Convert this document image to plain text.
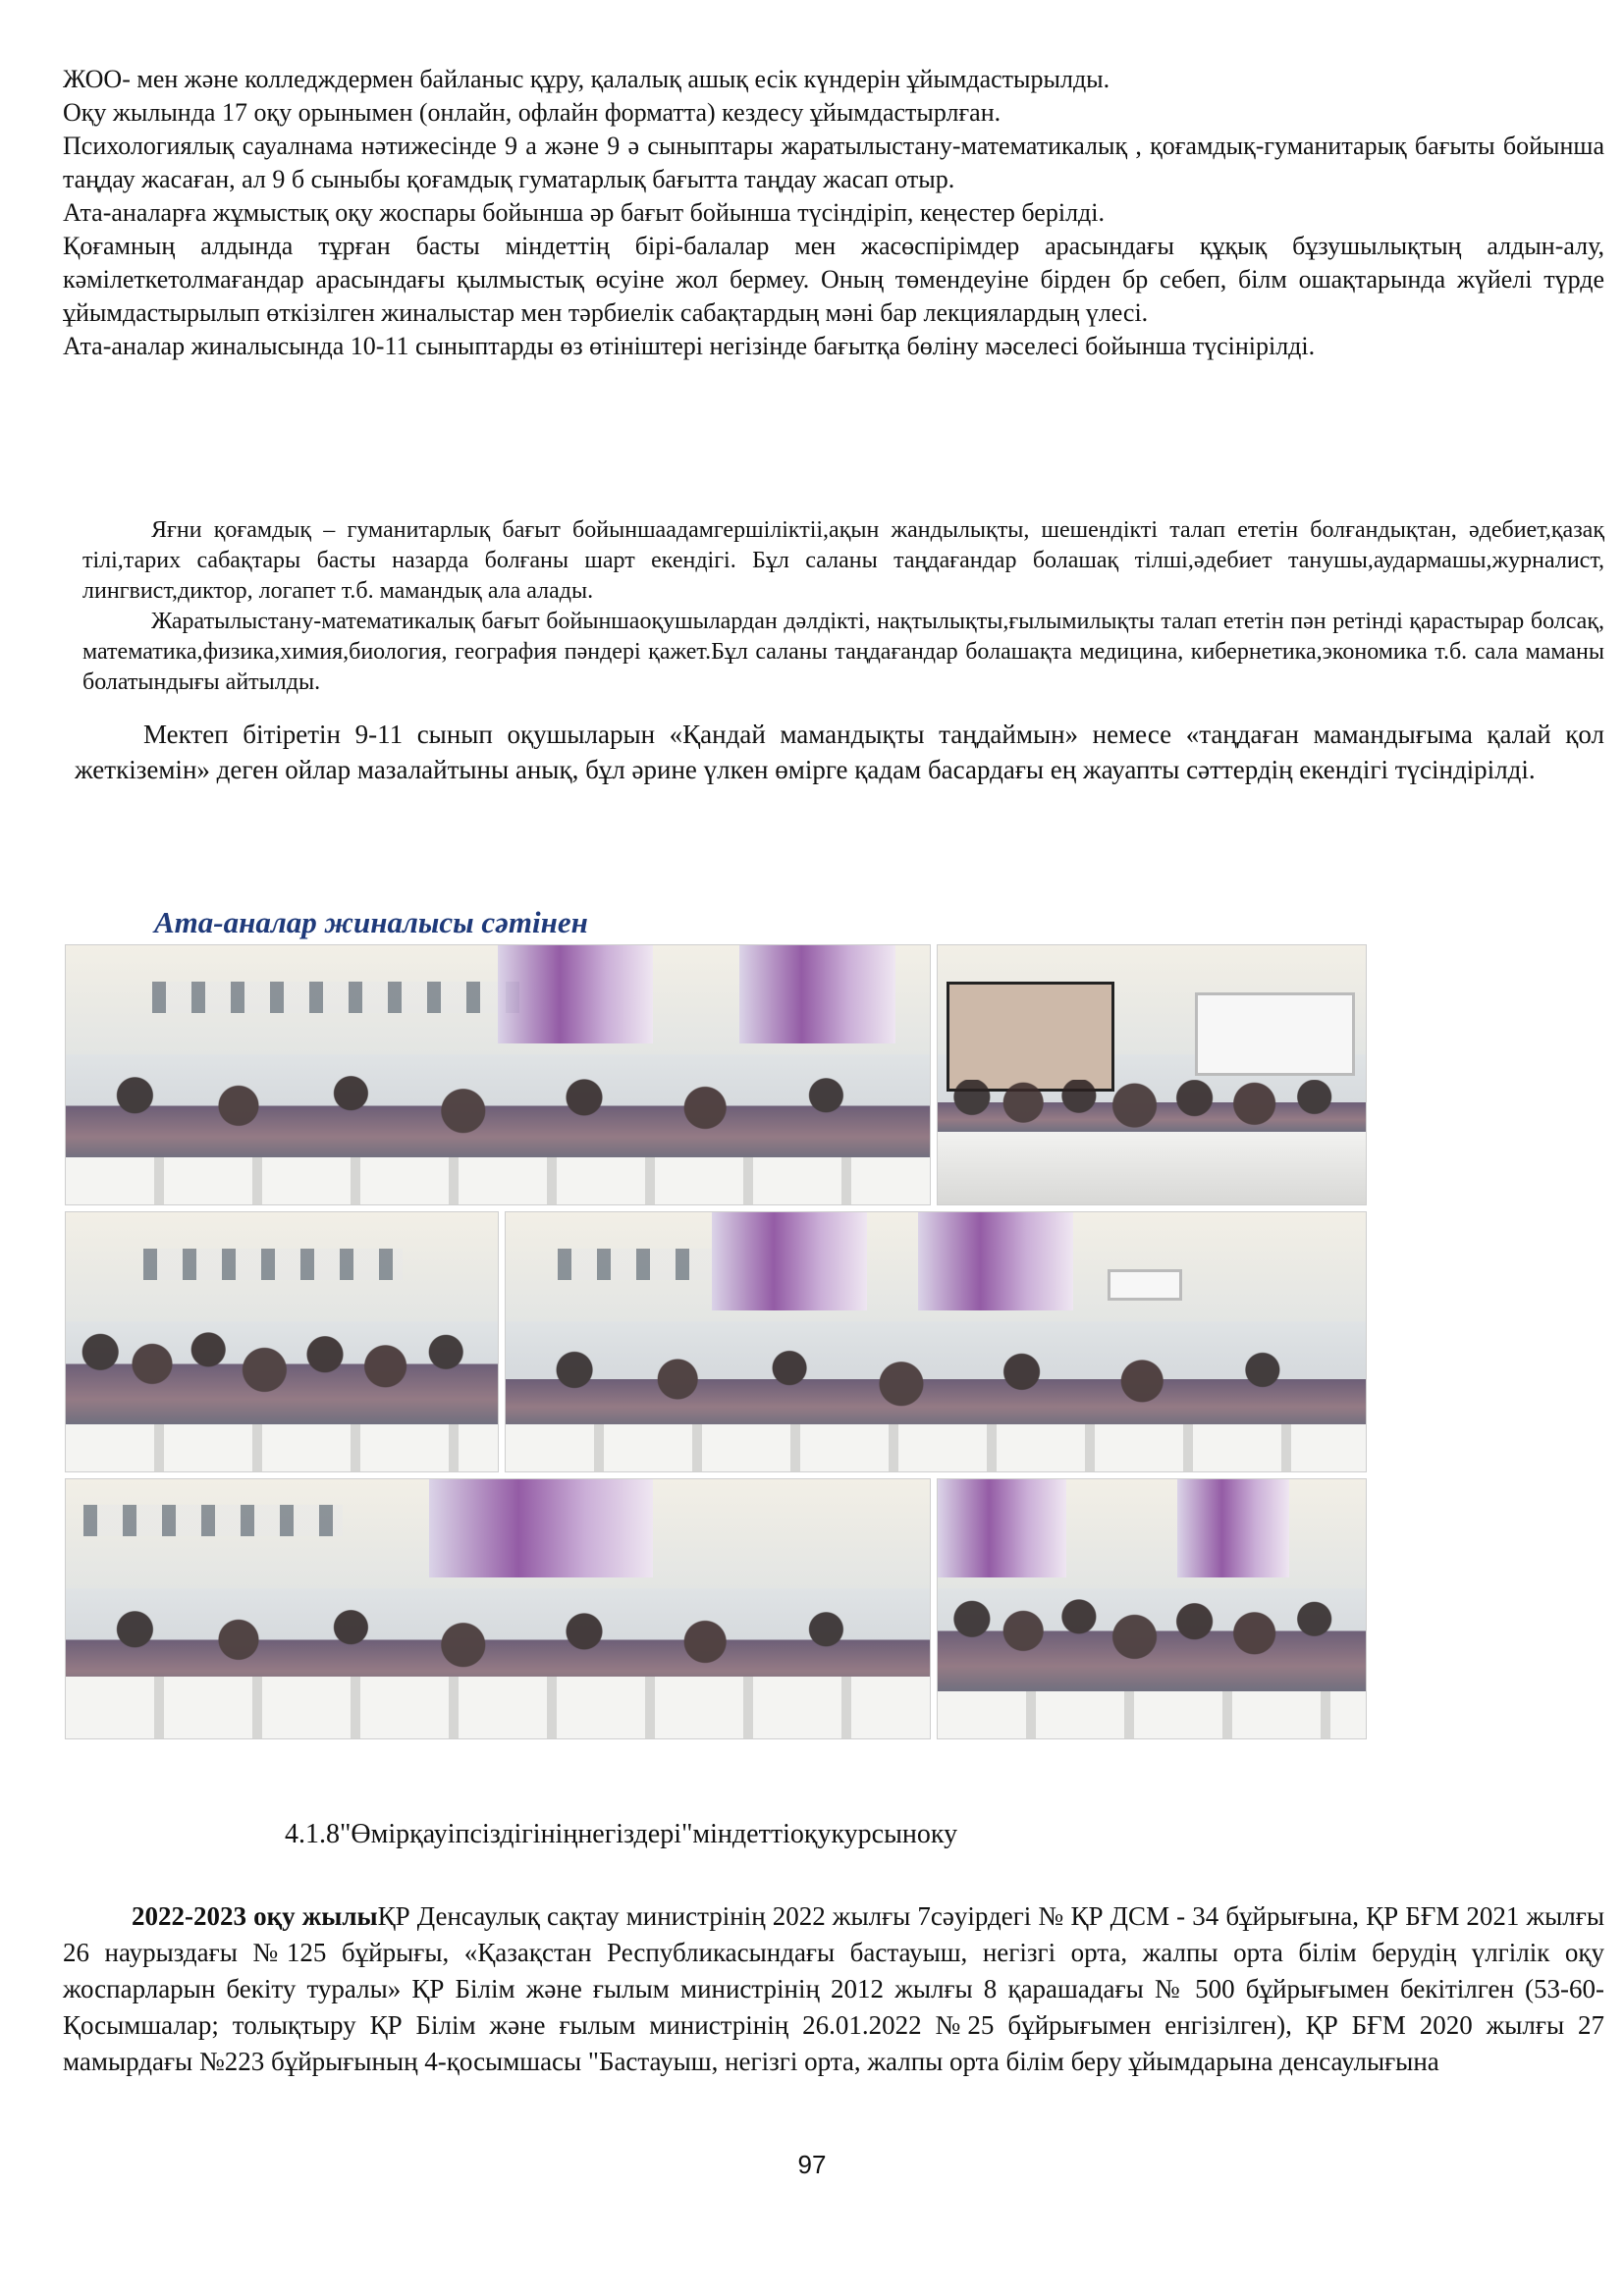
ЖОО- мен және колледждермен байланыс құру, қалалық ашық есік күндерін ұйымдастырылды.

Оқу жылында 17 оқу орынымен (онлайн, офлайн форматта) кездесу ұйымдастырлған.

Психологиялық сауалнама нәтижесінде 9 а және 9 ә сыныптары жаратылыстану-математикалық , қоғамдық-гуманитарық бағыты бойынша таңдау жасаған, ал 9 б сыныбы қоғамдық гуматарлық бағытта таңдау жасап отыр.

Ата-аналарға жұмыстық оқу жоспары бойынша әр бағыт бойынша түсіндіріп, кеңестер берілді.

Қоғамның алдында тұрған басты міндеттің бірі-балалар мен жасөспірімдер арасындағы құқық бұзушылықтың алдын-алу, кәмілеткетолмағандар арасындағы қылмыстық өсуіне жол бермеу. Оның төмендеуіне бірден бр себеп, білм ошақтарында жүйелі түрде ұйымдастырылып өткізілген жиналыстар мен тәрбиелік сабақтардың мәні бар лекциялардың үлесі.

Ата-аналар жиналысында 10-11 сыныптарды өз өтініштері негізінде бағытқа бөліну мәселесі бойынша түсінірілді.

Яғни қоғамдық – гуманитарлық бағыт бойыншаадамгершіліктіі,ақын жандылықты, шешендікті талап ететін болғандықтан, әдебиет,қазақ тілі,тарих сабақтары басты назарда болғаны шарт екендігі. Бұл саланы таңдағандар болашақ тілші,әдебиет танушы,аудармашы,журналист, лингвист,диктор, логапет т.б. мамандық ала алады.

Жаратылыстану-математикалық бағыт бойыншаоқушылардан дәлдікті, нақтылықты,ғылымилықты талап ететін пән ретінді қарастырар болсақ, математика,физика,химия,биология, география пәндері қажет.Бұл саланы таңдағандар болашақта медицина, кибернетика,экономика т.б. сала маманы болатындығы айтылды.

Мектеп бітіретін 9-11 сынып оқушыларын «Қандай мамандықты таңдаймын» немесе «таңдаған мамандығыма қалай қол жеткіземін» деген ойлар мазалайтыны анық, бұл әрине үлкен өмірге қадам басардағы ең жауапты сәттердің екендігі түсіндірілді.

Ата-аналар жиналысы сәтінен
4.1.8"Өмірқауіпсіздігініңнегіздері"міндеттіоқукурсыноку

2022-2023 оқу жылыҚР Денсаулық сақтау министрінің 2022 жылғы 7сәуірдегі № ҚР ДСМ - 34 бұйрығына, ҚР БҒМ 2021 жылғы 26 наурыздағы №125 бұйрығы, «Қазақстан Республикасындағы бастауыш, негізгі орта, жалпы орта білім берудің үлгілік оқу жоспарларын бекіту туралы» ҚР Білім және ғылым министрінің 2012 жылғы 8 қарашадағы № 500 бұйрығымен бекітілген (53-60-Қосымшалар; толықтыру ҚР Білім және ғылым министрінің 26.01.2022 №25 бұйрығымен енгізілген), ҚР БҒМ 2020 жылғы 27 мамырдағы №223 бұйрығының 4-қосымшасы "Бастауыш, негізгі орта, жалпы орта білім беру ұйымдарына денсаулығына

97
